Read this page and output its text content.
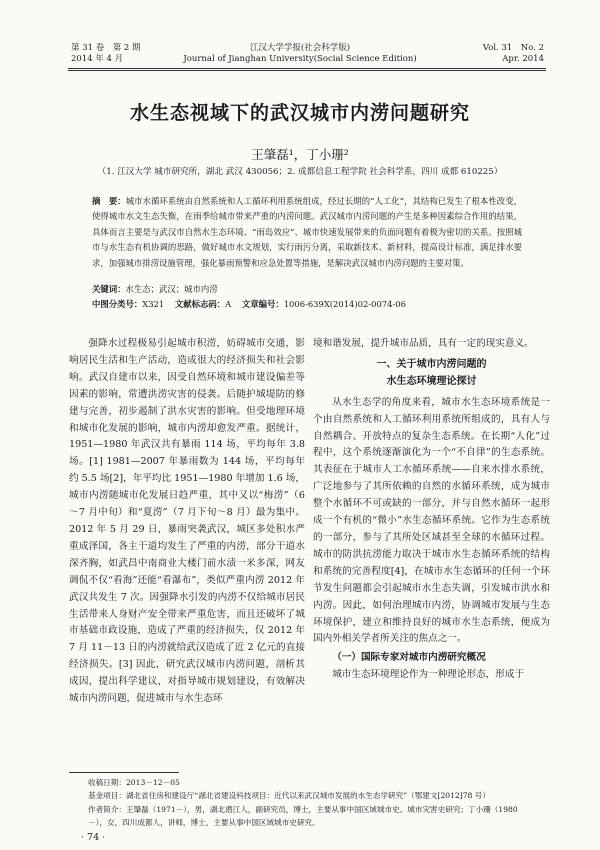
第 31 卷　第 2 期
2014 年 4 月
江汉大学学报(社会科学版)
Journal of Jianghan University(Social Science Edition)
Vol. 31　No. 2
Apr. 2014
水生态视域下的武汉城市内涝问题研究
王肇磊¹，丁小珊²
（1. 江汉大学 城市研究所，湖北 武汉 430056；2. 成都信息工程学院 社会科学系，四川 成都 610225）
摘　要：城市水循环系统由自然系统和人工循环利用系统组成，经过长期的“人工化”，其结构已发生了根本性改变，使得城市水文生态失衡，在雨季给城市带来严重的内涝问题。武汉城市内涝问题的产生是多种因素综合作用的结果，具体而言主要是与武汉市自然水生态环境、“雨岛效应”、城市快速发展带来的负面问题有着极为密切的关系。按照城市与水生态有机协调的思路，做好城市水文规划，实行雨污分离，采取新技术、新材料，提高设计标准，满足排水要求，加强城市排涝设施管理，强化暴雨预警和应急处置等措施，是解决武汉城市内涝问题的主要对策。
关键词：水生态；武汉；城市内涝
中图分类号：X321 文献标志码：A 文章编号：1006-639X(2014)02-0074-06

强降水过程极易引起城市积涝，妨碍城市交通，影响居民生活和生产活动，造成很大的经济损失和社会影响。武汉自建市以来，因受自然环境和城市建设偏差等因素的影响，常遭洪涝灾害的侵袭。后随护城堤防的修建与完善，初步遏制了洪水灾害的影响。但受地理环境和城市化发展的影响，城市内涝却愈发严重。据统计，1951—1980 年武汉共有暴雨 114 场，平均每年 3.8 场。[1] 1981—2007 年暴雨数为 144 场，平均每年约 5.5 场[2]，年平均比 1951—1980 年增加 1.6 场，城市内涝随城市化发展日趋严重，其中又以“梅涝”（6～7 月中旬）和“夏涝”（7 月下旬～8 月）最为集中。2012 年 5 月 29 日，暴雨突袭武汉，城区多处积水严重成泽国，各主干道均发生了严重的内涝，部分干道水深齐胸，如武昌中南商业大楼门前水渍一米多深，网友调侃不仅“看海”还能“看瀑布”，类似严重内涝 2012 年武汉共发生 7 次。因强降水引发的内涝不仅给城市居民生活带来人身财产安全带来严重危害，而且还破坏了城市基础市政设施，造成了严重的经济损失，仅 2012 年 7 月 11－13 日的内涝就给武汉造成了近 2 亿元的直接经济损失。[3] 因此，研究武汉城市内涝问题，剖析其成因，提出科学建议，对指导城市规划建设，有效解决城市内涝问题，促进城市与水生态环

境和谐发展，提升城市品质，具有一定的现实意义。

一、关于城市内涝问题的
水生态环境理论探讨

从水生态学的角度来看，城市水生态环境系统是一个由自然系统和人工循环利用系统所组成的，具有人与自然耦合、开放特点的复杂生态系统。在长期“人化”过程中，这个系统逐渐演化为一个“不自律”的生态系统。其表征在于城市人工水循环系统——自来水排水系统，广泛地参与了其所依赖的自然的水循环系统，成为城市整个水循环不可或缺的一部分，并与自然水循环一起形成一个有机的“微小”水生态循环系统。它作为生态系统的一部分，参与了其所处区域甚至全球的水循环过程。城市的防洪抗涝能力取决于城市水生态循环系统的结构和系统的完善程度[4]，在城市水生态循环的任何一个环节发生问题都会引起城市水生态失调，引发城市洪水和内涝。因此，如何治理城市内涝，协调城市发展与生态环境保护，建立和维持良好的城市水生态系统，便成为国内外相关学者所关注的焦点之一。

（一）国际专家对城市内涝研究概况

城市生态环境理论作为一种理论形态，形成于

收稿日期：2013－12－05
基金项目：湖北省住房和建设厅“湖北省建设科技项目：近代以来武汉城市发展的水生态学研究”（鄂建文[2012]78 号）
作者简介：王肇磊（1971－），男，湖北潜江人，副研究员，博士，主要从事中国区域城市史、城市灾害史研究；丁小珊（1980
－），女，四川成都人，讲师，博士，主要从事中国区域城市史研究。
· 74 ·
